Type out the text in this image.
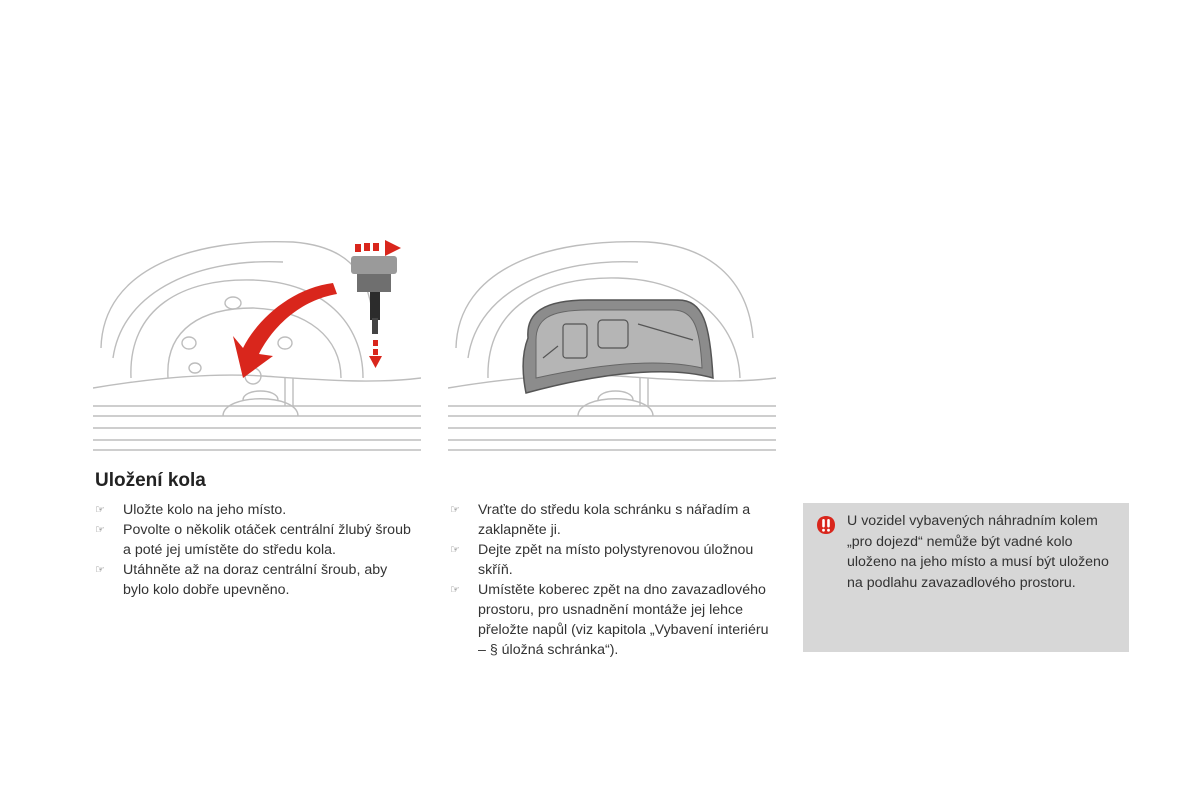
Uložení kola
☞	Uložte kolo na jeho místo.
☞	Povolte o několik otáček centrální žlubý šroub a poté jej umístěte do středu kola.
☞	Utáhněte až na doraz centrální šroub, aby bylo kolo dobře upevněno.
☞	Vraťte do středu kola schránku s nářadím a zaklapněte ji.
☞	Dejte zpět na místo polystyrenovou úložnou skříň.
☞	Umístěte koberec zpět na dno zavazadlového prostoru, pro usnadnění montáže jej lehce přeložte napůl (viz kapitola „Vybavení interiéru – § úložná schránka“).
U vozidel vybavených náhradním kolem „pro dojezd“ nemůže být vadné kolo uloženo na jeho místo a musí být uloženo na podlahu zavazadlového prostoru.
